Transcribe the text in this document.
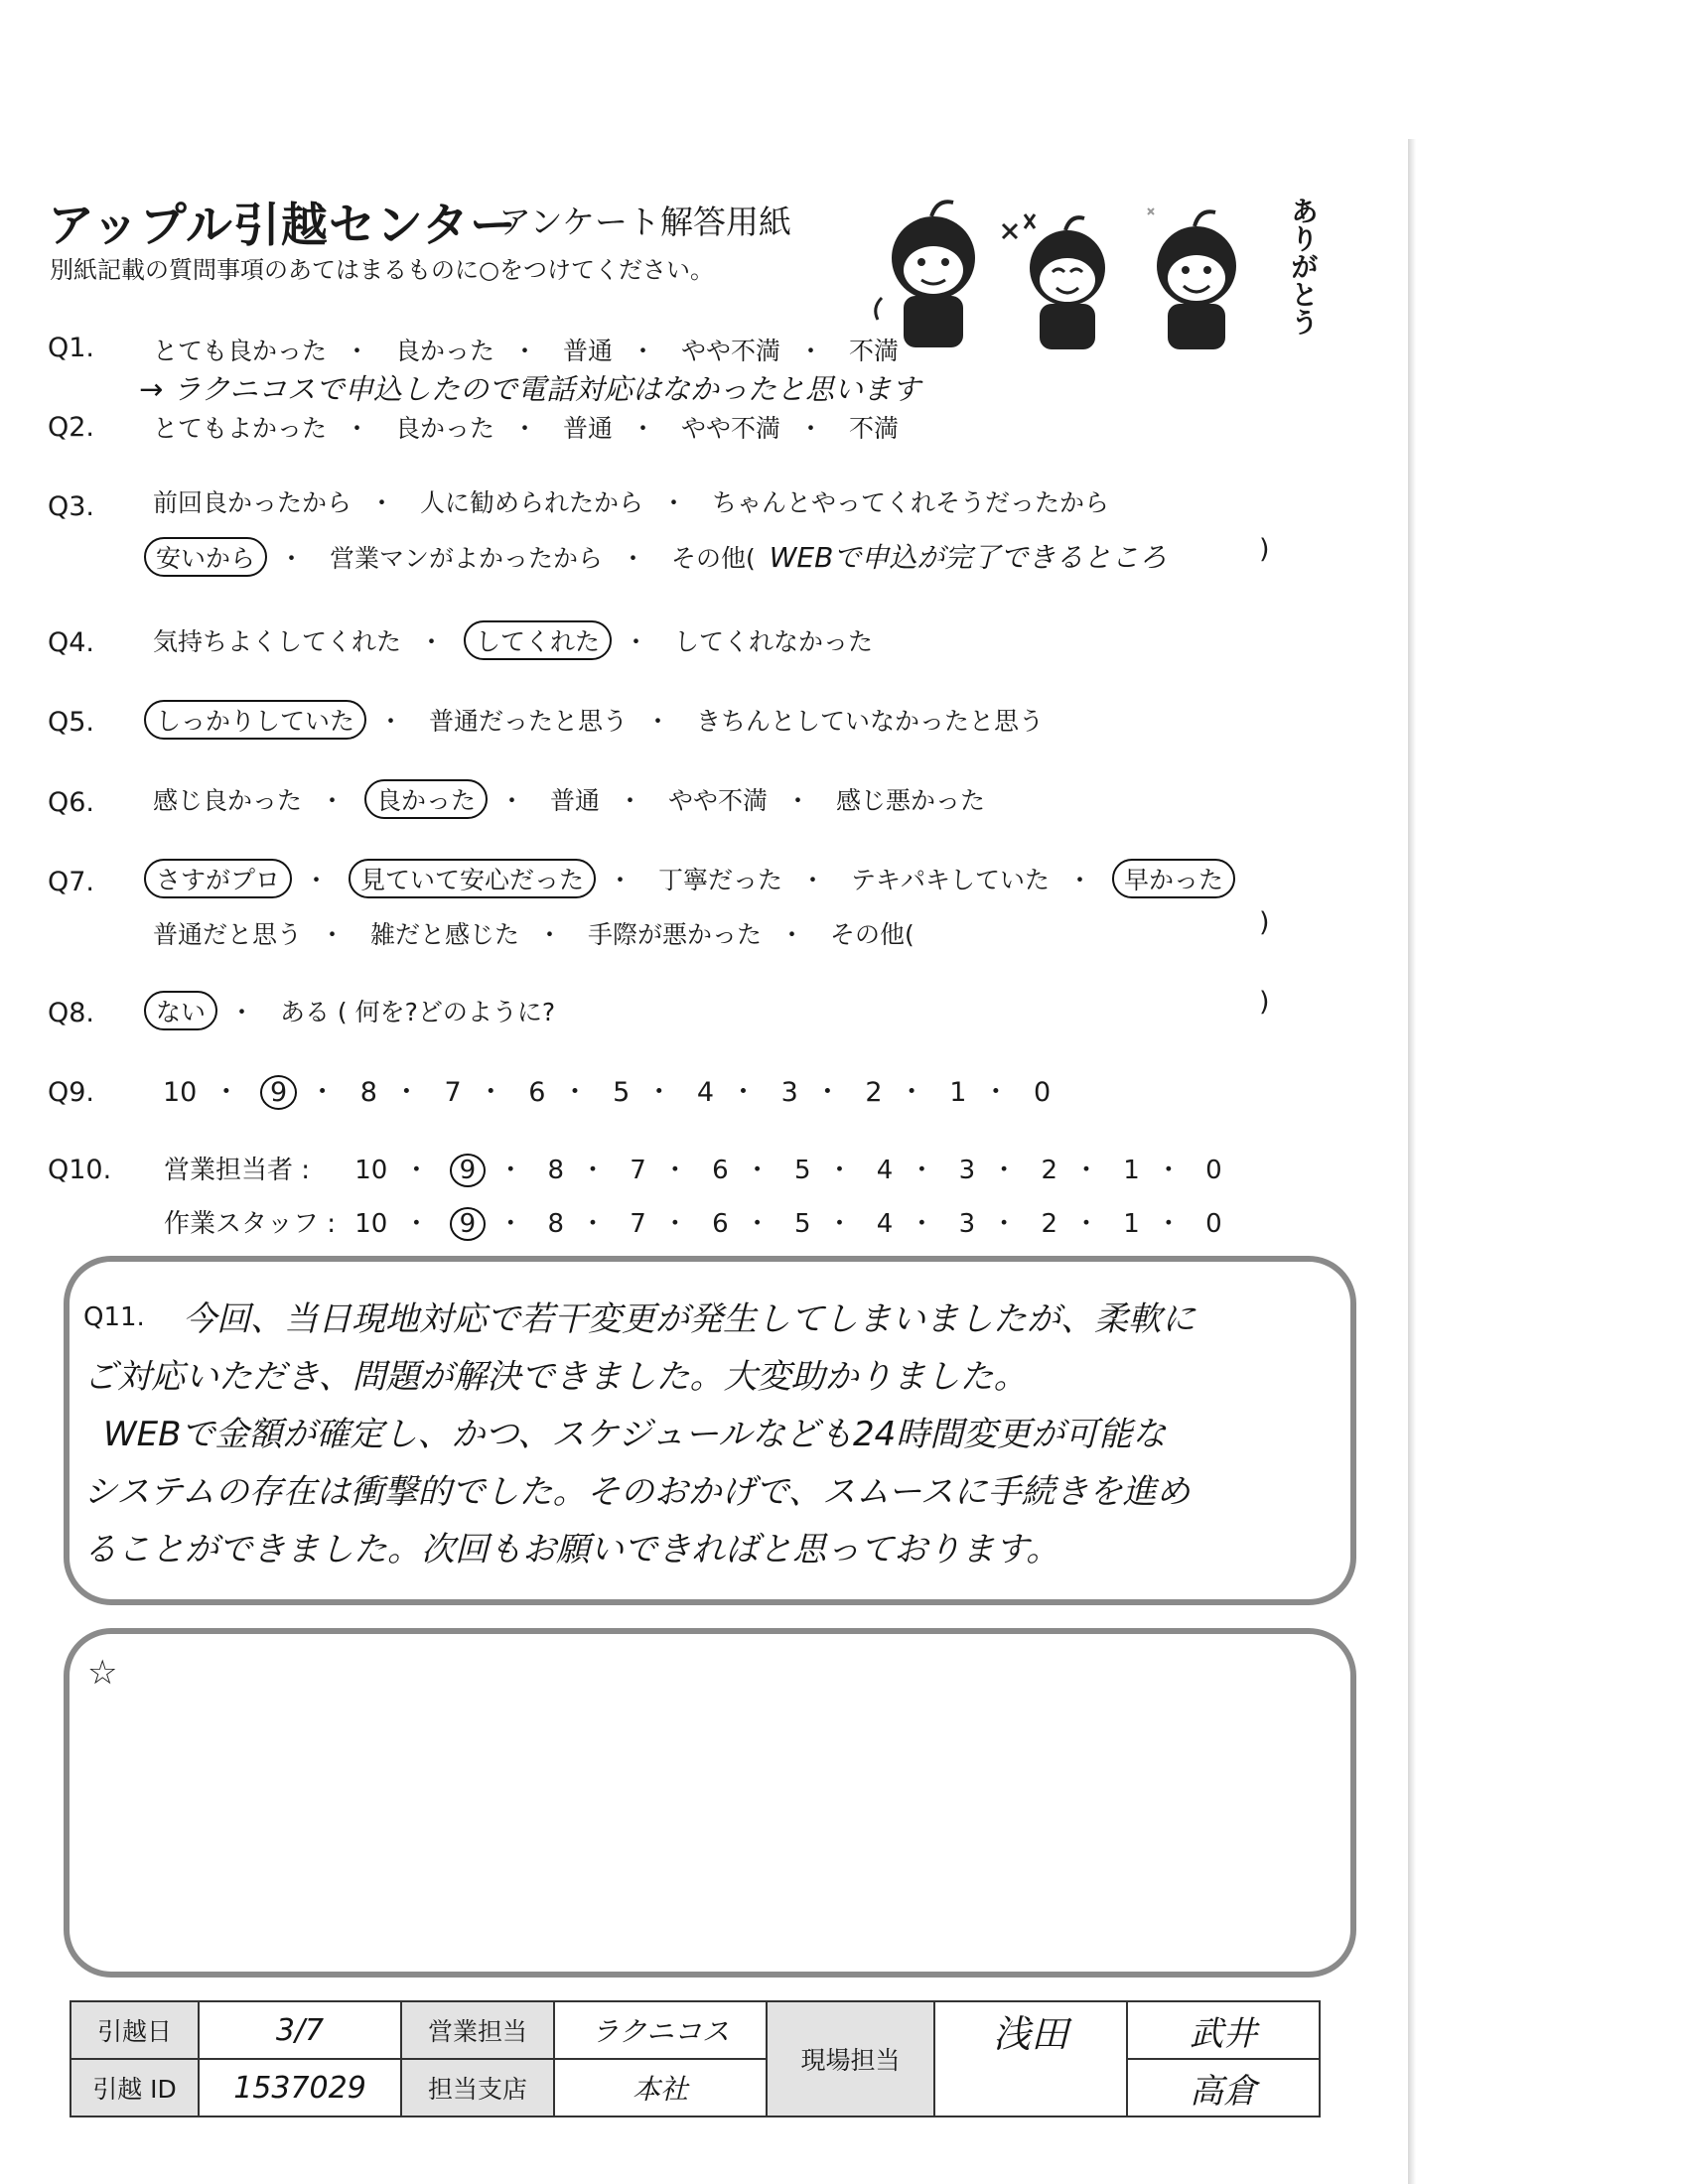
アップル引越センター
アンケート解答用紙
別紙記載の質問事項のあてはまるものに○をつけてください。	ありがとう
Q1. とても良かった ・ 良かった ・ 普通 ・ やや不満 ・ 不満
→ ラクニコスで申込したので電話対応はなかったと思います
Q2. とてもよかった ・ 良かった ・ 普通 ・ やや不満 ・ 不満
Q3. 前回良かったから ・ 人に勧められたから ・ ちゃんとやってくれそうだったから
安いから ・ 営業マンがよかったから ・ その他( WEBで申込が完了できるところ	)
Q4. 気持ちよくしてくれた ・ してくれた ・ してくれなかった
Q5.	しっかりしていた ・ 普通だったと思う ・ きちんとしていなかったと思う
Q6. 感じ良かった ・ 良かった ・ 普通 ・ やや不満 ・ 感じ悪かった
Q7.	さすがプロ ・ 見ていて安心だった ・ 丁寧だった ・ テキパキしていた ・ 早かった
普通だと思う ・ 雑だと感じた ・ 手際が悪かった ・ その他(	)
Q8.	ない ・ ある ( 何を?どのように?	)
Q9.	10 ・ 9 ・ 8 ・ 7 ・ 6 ・ 5 ・ 4 ・ 3 ・ 2 ・ 1 ・ 0
Q10. 営業担当者 : 10 ・ 9 ・ 8 ・ 7 ・ 6 ・ 5 ・ 4 ・ 3 ・ 2 ・ 1 ・ 0
作業スタッフ : 10 ・ 9 ・ 8 ・ 7 ・ 6 ・ 5 ・ 4 ・ 3 ・ 2 ・ 1 ・ 0

今回、当日現地対応で若干変更が発生してしまいましたが、柔軟に

ご対応いただき、問題が解決できました。大変助かりました。

WEBで金額が確定し、かつ、スケジュールなども24時間変更が可能な

システムの存在は衝撃的でした。そのおかげで、スムースに手続きを進め

ることができました。次回もお願いできればと思っております。

Q11.
☆
引越日	3/7	営業担当	ラクニコス	現場担当	浅田	武井
引越 ID	1537029	担当支店	本社			高倉
